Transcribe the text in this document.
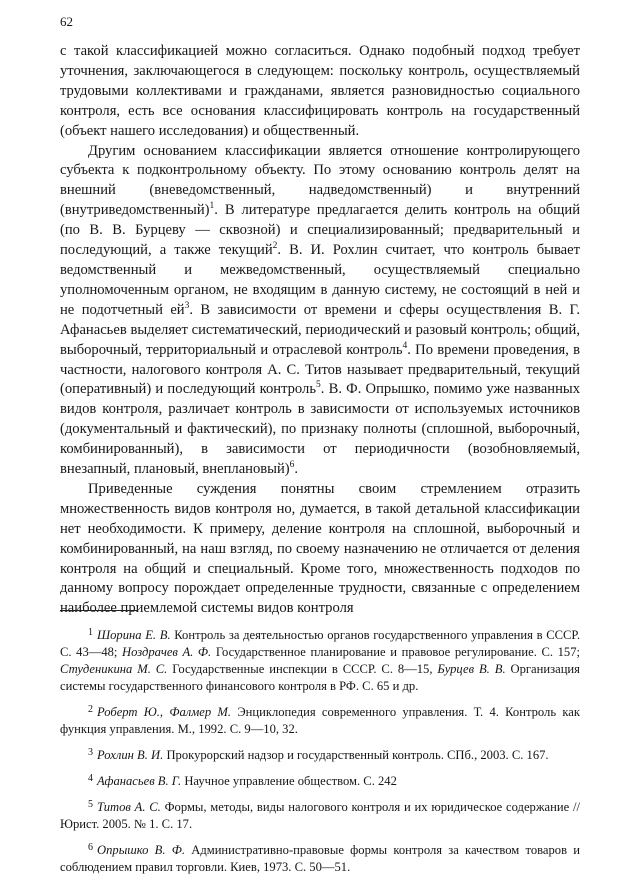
62

с такой классификацией можно согласиться. Однако подобный подход требует уточнения, заключающегося в следующем: поскольку контроль, осуществляемый трудовыми коллективами и гражданами, является разновидностью социального контроля, есть все основания классифицировать контроль на государственный (объект нашего исследования) и общественный.

Другим основанием классификации является отношение контролирующего субъекта к подконтрольному объекту. По этому основанию контроль делят на внешний (вневедомственный, надведомственный) и внутренний (внутриведомственный)$^1$. В литературе предлагается делить контроль на общий (по В. В. Бурцеву — сквозной) и специализированный; предварительный и последующий, а также текущий$^2$. В. И. Рохлин считает, что контроль бывает ведомственный и межведомственный, осуществляемый специально уполномоченным органом, не входящим в данную систему, не состоящий в ней и не подотчетный $ей^3$. В зависимости от времени и сферы осуществления В. Г. Афанасьев выделяет систематический, периодический и разовый контроль; общий, выборочный, территориальный и отраслевой контроль$^4$. По времени проведения, в частности, налогового контроля А. С. Титов называет предварительный, текущий (оперативный) и последующий контроль$^5$. В. Ф. Опрышко, помимо уже названных видов контроля, различает контроль в зависимости от используемых источников (документальный и фактический), по признаку полноты (сплошной, выборочный, комбинированный), в зависимости от периодичности (возобновляемый, внезапный, плановый, внеплановый)$^6$.

Приведенные суждения понятны своим стремлением отразить множественность видов контроля но, думается, в такой детальной классификации нет необходимости. К примеру, деление контроля на сплошной, выборочный и комбинированный, на наш взгляд, по своему назначению не отличается от деления контроля на общий и специальный. Кроме того, множественность подходов по данному вопросу порождает определенные трудности, связанные с определением наиболее приемлемой системы видов контроля

$^1$ Шорина Е. В. Контроль за деятельностью органов государственного управления в СССР. С. 43—48; Ноздрачев А. Ф. Государственное планирование и правовое регулирование. С. 157; Студеникина М. С. Государственные инспекции в СССР. С. 8—15, Бурцев В. В. Организация системы государственного финансового контроля в РФ. С. 65 и др.

$^2$ Роберт Ю., Фалмер М. Энциклопедия современного управления. Т. 4. Контроль как функция управления. М., 1992. С. 9—10, 32.

$^3$ Рохлин В. И. Прокурорский надзор и государственный контроль. СПб., 2003. С. 167.

$^4$ Афанасьев В. Г. Научное управление обществом. С. 242

$^5$ Титов А. С. Формы, методы, виды налогового контроля и их юридическое содержание // Юрист. 2005. № 1. С. 17.

$^6$ Опрышко В. Ф. Административно-правовые формы контроля за качеством товаров и соблюдением правил торговли. Киев, 1973. С. 50—51.
